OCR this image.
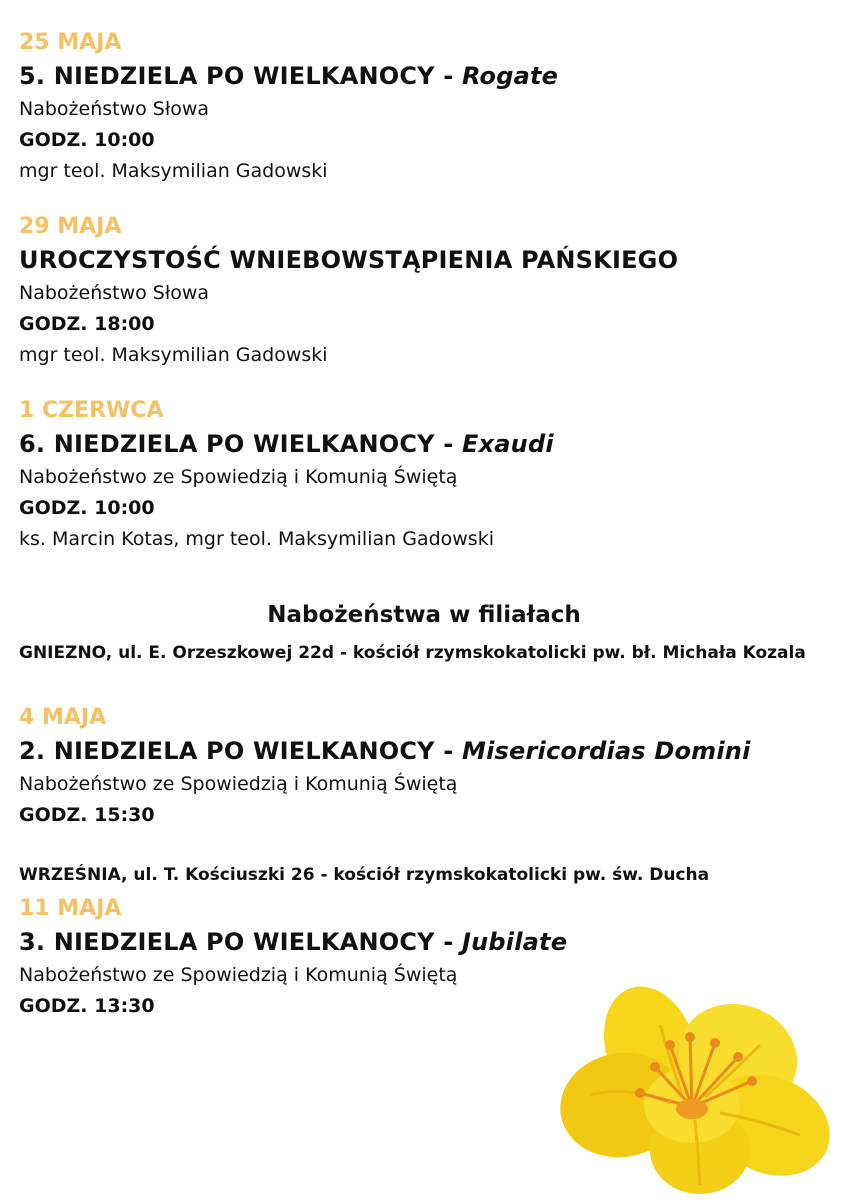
25 MAJA
5. NIEDZIELA PO WIELKANOCY - Rogate
Nabożeństwo Słowa
GODZ. 10:00
mgr teol. Maksymilian Gadowski
29 MAJA
UROCZYSTOŚĆ WNIEBOWSTĄPIENIA PAŃSKIEGO
Nabożeństwo Słowa
GODZ. 18:00
mgr teol. Maksymilian Gadowski
1 CZERWCA
6. NIEDZIELA PO WIELKANOCY - Exaudi
Nabożeństwo ze Spowiedzią i Komunią Świętą
GODZ. 10:00
ks. Marcin Kotas, mgr teol. Maksymilian Gadowski
Nabożeństwa w filiałach
GNIEZNO, ul. E. Orzeszkowej 22d - kościół rzymskokatolicki pw. bł. Michała Kozala
4 MAJA
2. NIEDZIELA PO WIELKANOCY - Misericordias Domini
Nabożeństwo ze Spowiedzią i Komunią Świętą
GODZ. 15:30
WRZEŚNIA, ul. T. Kościuszki 26 - kościół rzymskokatolicki pw. św. Ducha
11 MAJA
3. NIEDZIELA PO WIELKANOCY - Jubilate
Nabożeństwo ze Spowiedzią i Komunią Świętą
GODZ. 13:30
